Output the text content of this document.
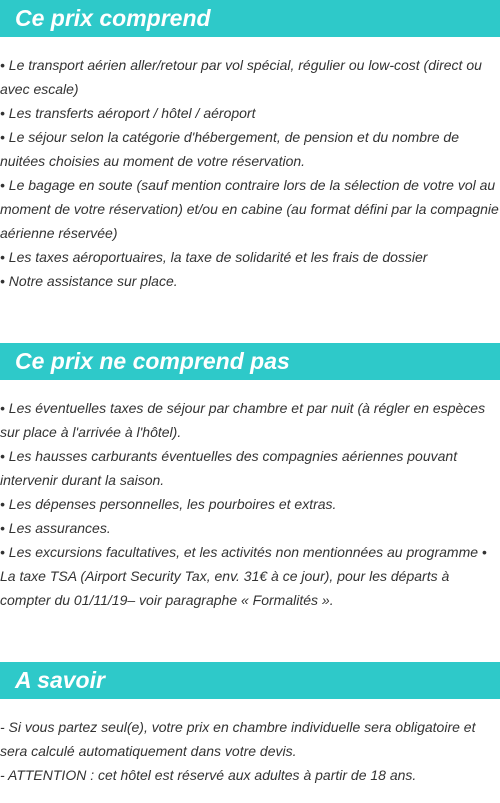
Ce prix comprend

• Le transport aérien aller/retour par vol spécial, régulier ou low-cost (direct ou avec escale)

• Les transferts aéroport / hôtel / aéroport

• Le séjour selon la catégorie d'hébergement, de pension et du nombre de nuitées choisies au moment de votre réservation.

• Le bagage en soute (sauf mention contraire lors de la sélection de votre vol au moment de votre réservation) et/ou en cabine (au format défini par la compagnie aérienne réservée)

• Les taxes aéroportuaires, la taxe de solidarité et les frais de dossier

• Notre assistance sur place.

Ce prix ne comprend pas

• Les éventuelles taxes de séjour par chambre et par nuit (à régler en espèces sur place à l'arrivée à l'hôtel).

• Les hausses carburants éventuelles des compagnies aériennes pouvant intervenir durant la saison.

• Les dépenses personnelles, les pourboires et extras.

• Les assurances.

• Les excursions facultatives, et les activités non mentionnées au programme • La taxe TSA (Airport Security Tax, env. 31€ à ce jour), pour les départs à compter du 01/11/19– voir paragraphe « Formalités ».

A savoir

- Si vous partez seul(e), votre prix en chambre individuelle sera obligatoire et sera calculé automatiquement dans votre devis.

- ATTENTION : cet hôtel est réservé aux adultes à partir de 18 ans.
